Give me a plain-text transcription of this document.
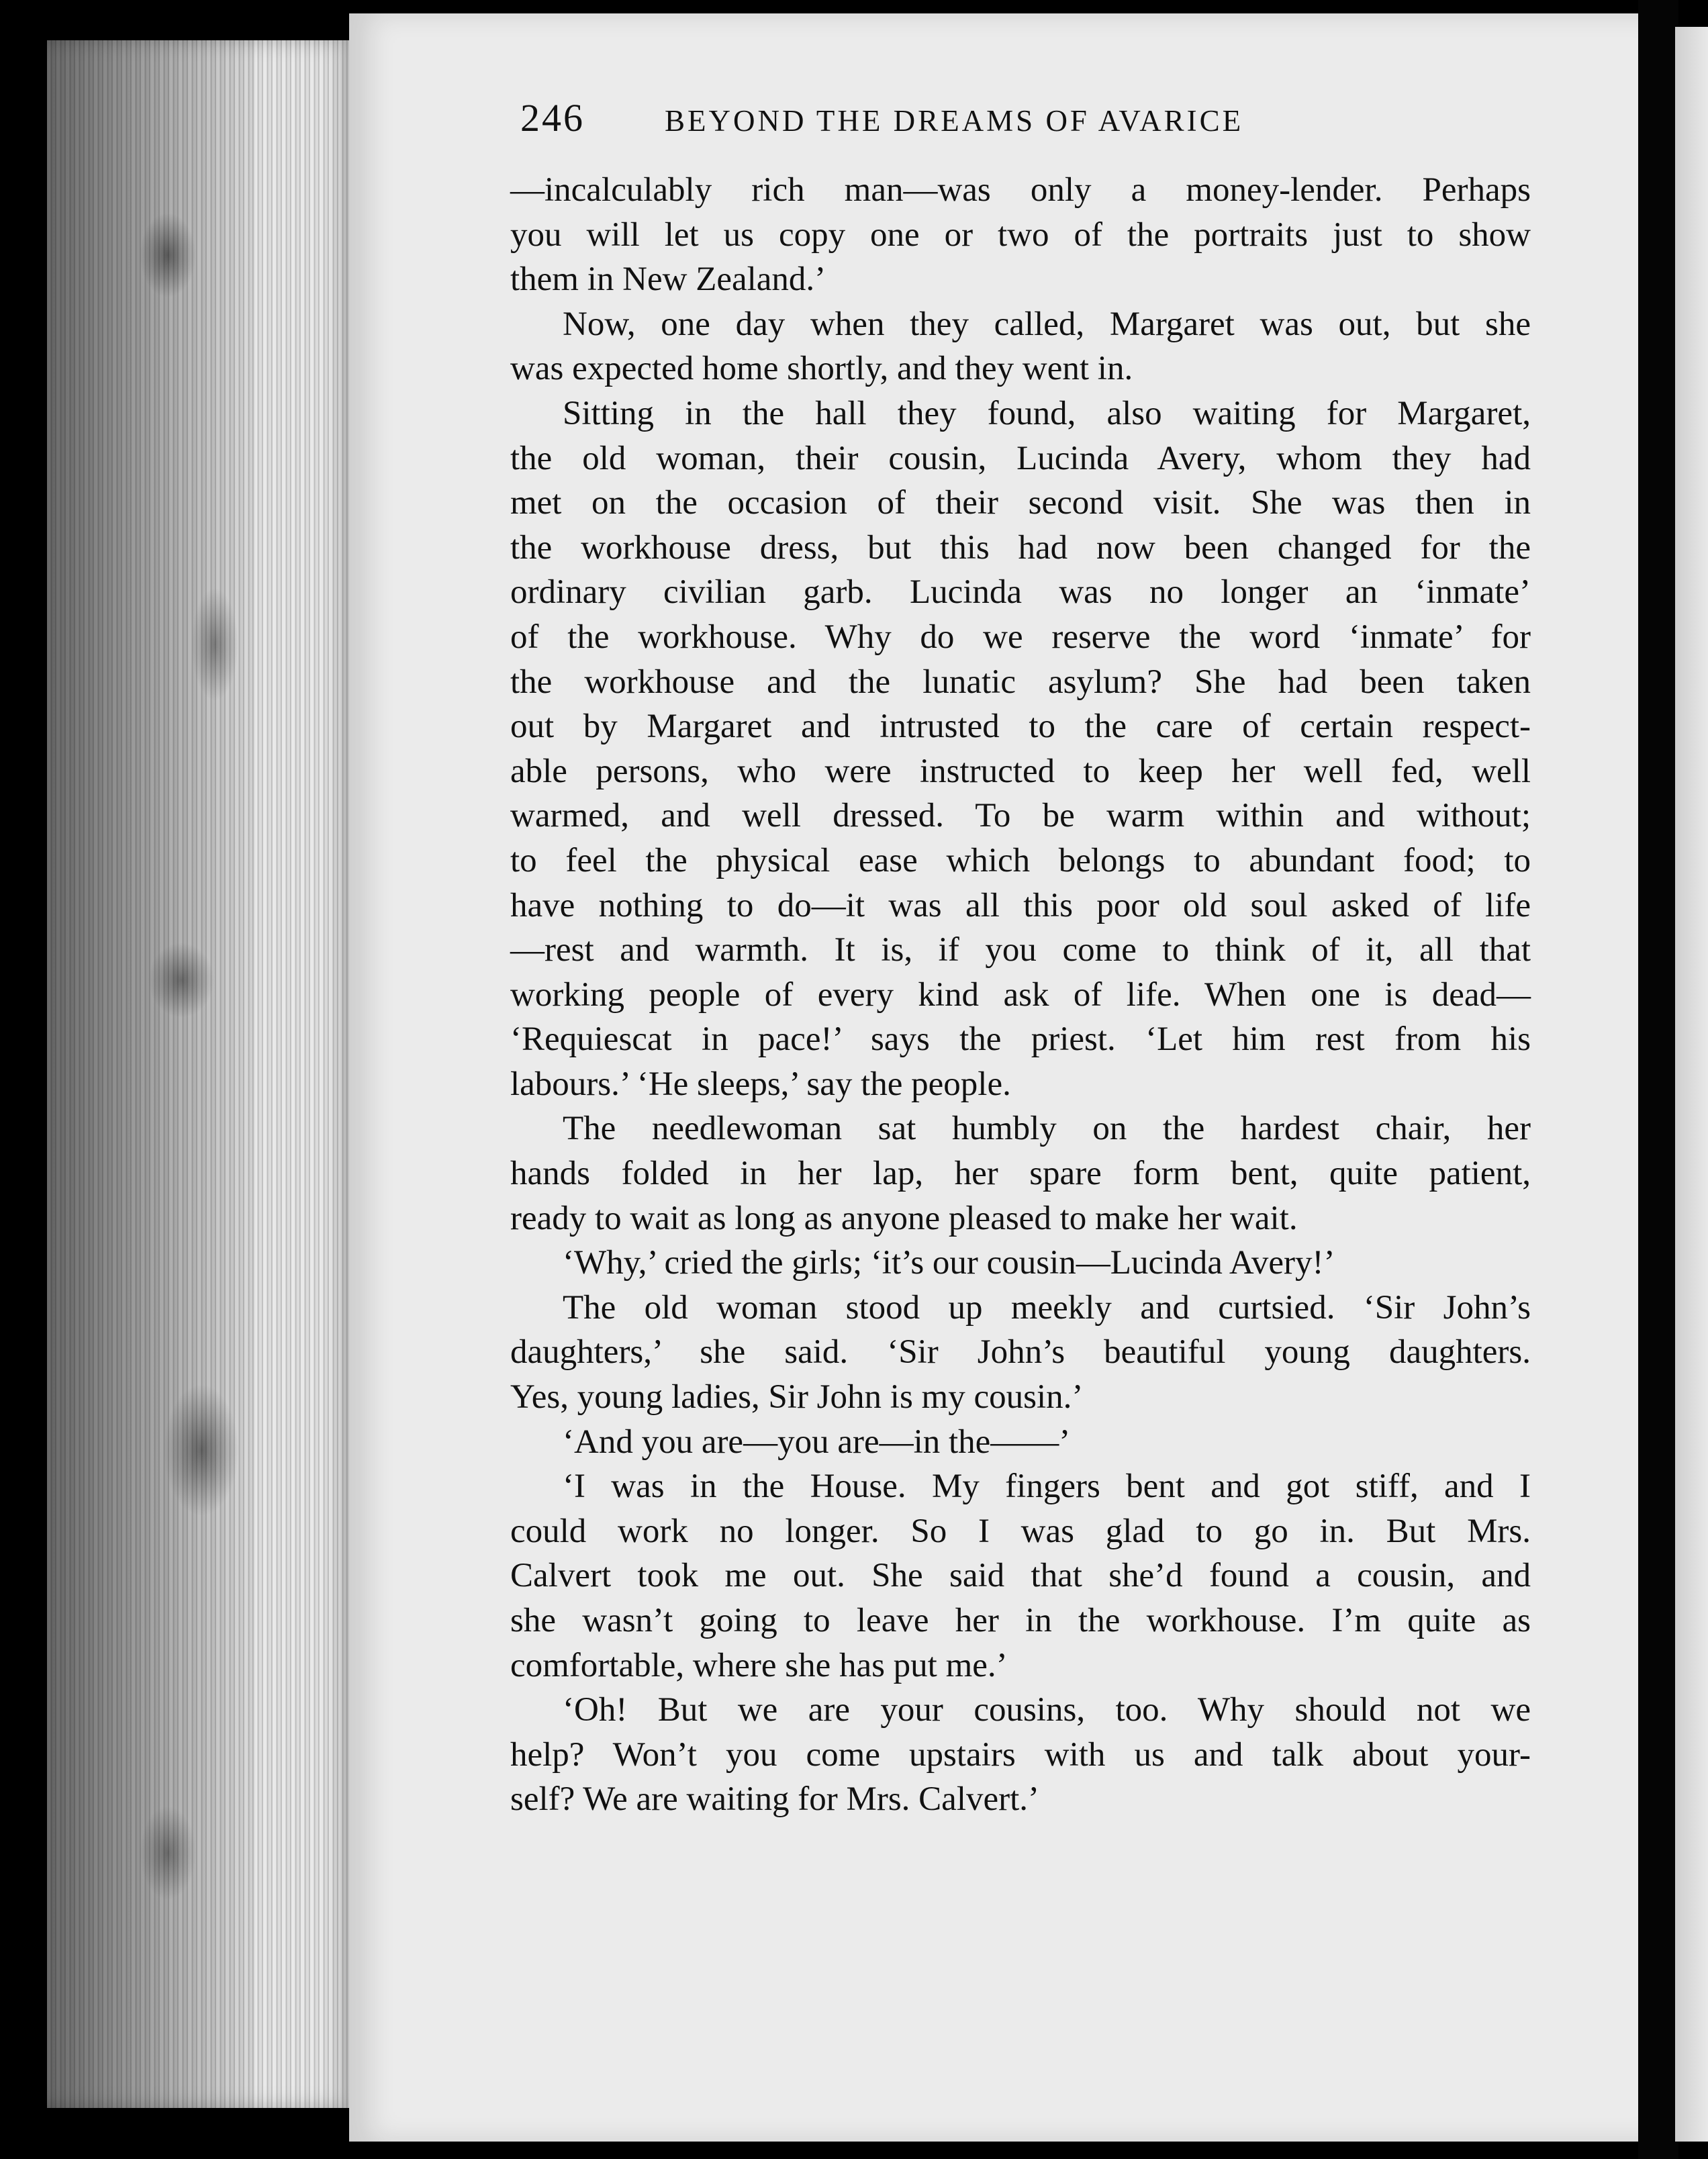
246	BEYOND THE DREAMS OF AVARICE
—incalculably rich man—was only a money-lender. Perhaps
you will let us copy one or two of the portraits just to show
them in New Zealand.’
Now, one day when they called, Margaret was out, but she
was expected home shortly, and they went in.
Sitting in the hall they found, also waiting for Margaret,
the old woman, their cousin, Lucinda Avery, whom they had
met on the occasion of their second visit. She was then in
the workhouse dress, but this had now been changed for the
ordinary civilian garb. Lucinda was no longer an ‘inmate’
of the workhouse. Why do we reserve the word ‘inmate’ for
the workhouse and the lunatic asylum? She had been taken
out by Margaret and intrusted to the care of certain respect-
able persons, who were instructed to keep her well fed, well
warmed, and well dressed. To be warm within and without;
to feel the physical ease which belongs to abundant food; to
have nothing to do—it was all this poor old soul asked of life
—rest and warmth. It is, if you come to think of it, all that
working people of every kind ask of life. When one is dead—
‘Requiescat in pace!’ says the priest. ‘Let him rest from his
labours.’ ‘He sleeps,’ say the people.
The needlewoman sat humbly on the hardest chair, her
hands folded in her lap, her spare form bent, quite patient,
ready to wait as long as anyone pleased to make her wait.
‘Why,’ cried the girls; ‘it’s our cousin—Lucinda Avery!’
The old woman stood up meekly and curtsied. ‘Sir John’s
daughters,’ she said. ‘Sir John’s beautiful young daughters.
Yes, young ladies, Sir John is my cousin.’
‘And you are—you are—in the——’
‘I was in the House. My fingers bent and got stiff, and I
could work no longer. So I was glad to go in. But Mrs.
Calvert took me out. She said that she’d found a cousin, and
she wasn’t going to leave her in the workhouse. I’m quite as
comfortable, where she has put me.’
‘Oh! But we are your cousins, too. Why should not we
help? Won’t you come upstairs with us and talk about your-
self? We are waiting for Mrs. Calvert.’
